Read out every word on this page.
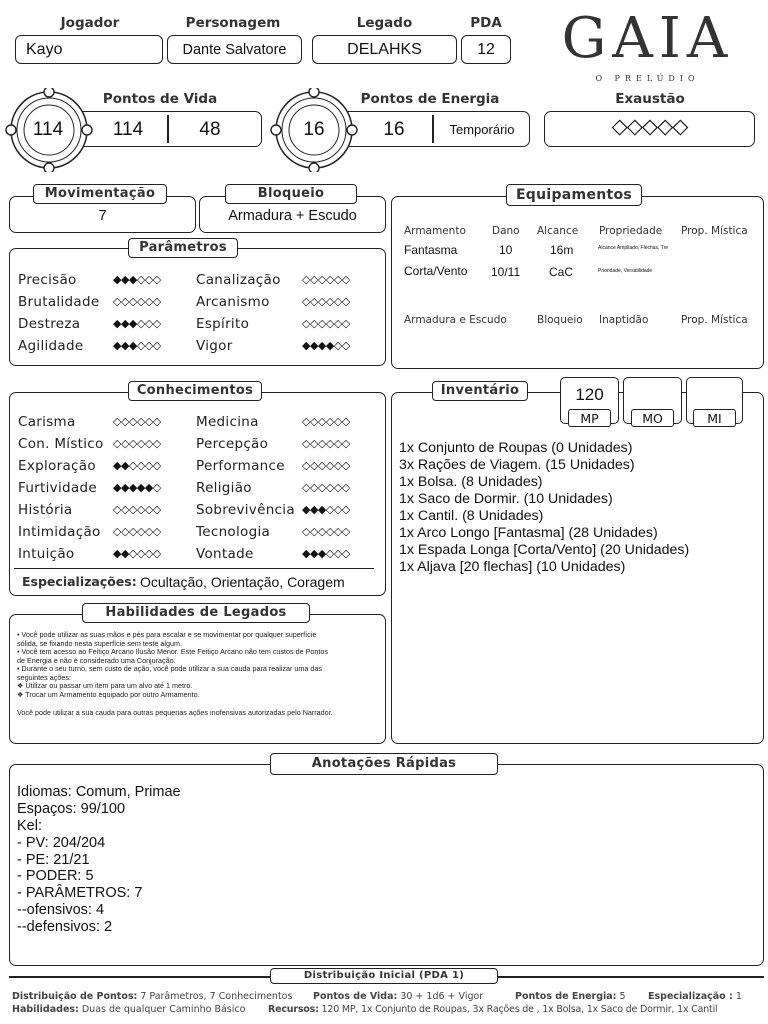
Jogador	Personagem	Legado	PDA
Kayo	Dante Salvatore	DELAHKS	12	GAIA
O PRELÚDIO
Pontos de Vida
114	114	48
Pontos de Energia
16	16	Temporário
Exaustão
◇◇◇◇◇
Movimentação
7
Bloqueio
Armadura + Escudo
Parâmetros
Precisão	◆◆◆◇◇◇
Brutalidade ◇◇◇◇◇◇
Destreza	◆◆◆◇◇◇
Agilidade	◆◆◆◇◇◇
Canalização ◇◇◇◇◇◇
Arcanismo	◇◇◇◇◇◇
Espírito	◇◇◇◇◇◇
Vigor	◆◆◆◆◇◇
Conhecimentos
Carisma	◇◇◇◇◇◇
Con. Místico ◇◇◇◇◇◇
Exploração ◆◆◇◇◇◇
Furtividade ◆◆◆◆◆◇
História	◇◇◇◇◇◇
Intimidação ◇◇◇◇◇◇
Intuição	◆◆◇◇◇◇
Medicina	◇◇◇◇◇◇
Percepção	◇◇◇◇◇◇
Performance ◇◇◇◇◇◇
Religião	◇◇◇◇◇◇
Sobrevivência ◆◆◆◇◇◇
Tecnologia	◇◇◇◇◇◇
Vontade	◆◆◆◇◇◇
Especializações: Ocultação, Orientação, Coragem
Habilidades de Legados
• Você pode utilizar as suas mãos e pés para escalar e se movimentar por qualquer superfície
sólida, se fixando nesta superfície sem teste algum.
• Você tem acesso ao Feitiço Arcano Ilusão Menor. Este Feitiço Arcano não tem custos de Pontos
de Energia e não é considerado uma Conjuração.
• Durante o seu turno, sem custo de ação, você pode utilizar a sua cauda para realizar uma das
seguintes ações:
❖ Utilizar ou passar um item para um alvo até 1 metro.
❖ Trocar um Armamento equipado por outro Armamento.
Você pode utilizar a sua cauda para outras pequenas ações inofensivas autorizadas pelo Narrador.
Equipamentos
Armamento Dano Alcance Propriedade Prop. Mística
Fantasma	10	16m	Alcance Ampliado, Flechas, Tre
Corta/Vento 10/11 CaC	Prioridade, Versatilidade
Armadura e Escudo	Bloqueio Inaptidão	Prop. Mística
Inventário	120
MP	MO	MI
1x Conjunto de Roupas (0 Unidades)
3x Rações de Viagem. (15 Unidades)
1x Bolsa. (8 Unidades)
1x Saco de Dormir. (10 Unidades)
1x Cantil. (8 Unidades)
1x Arco Longo [Fantasma] (28 Unidades)
1x Espada Longa [Corta/Vento] (20 Unidades)
1x Aljava [20 flechas] (10 Unidades)
Anotações Rápidas
Idiomas: Comum, Primae
Espaços: 99/100
Kel:
- PV: 204/204
- PE: 21/21
- PODER: 5
- PARÂMETROS: 7
--ofensivos: 4
--defensivos: 2
Distribuição Inicial (PDA 1)
Distribuição de Pontos: 7 Parâmetros, 7 Conhecimentos	Pontos de Vida: 30 + 1d6 + Vigor	Pontos de Energia: 5 Especialização : 1
Habilidades: Duas de qualquer Caminho Básico Recursos: 120 MP, 1x Conjunto de Roupas, 3x Rações de , 1x Bolsa, 1x Saco de Dormir, 1x Cantil
